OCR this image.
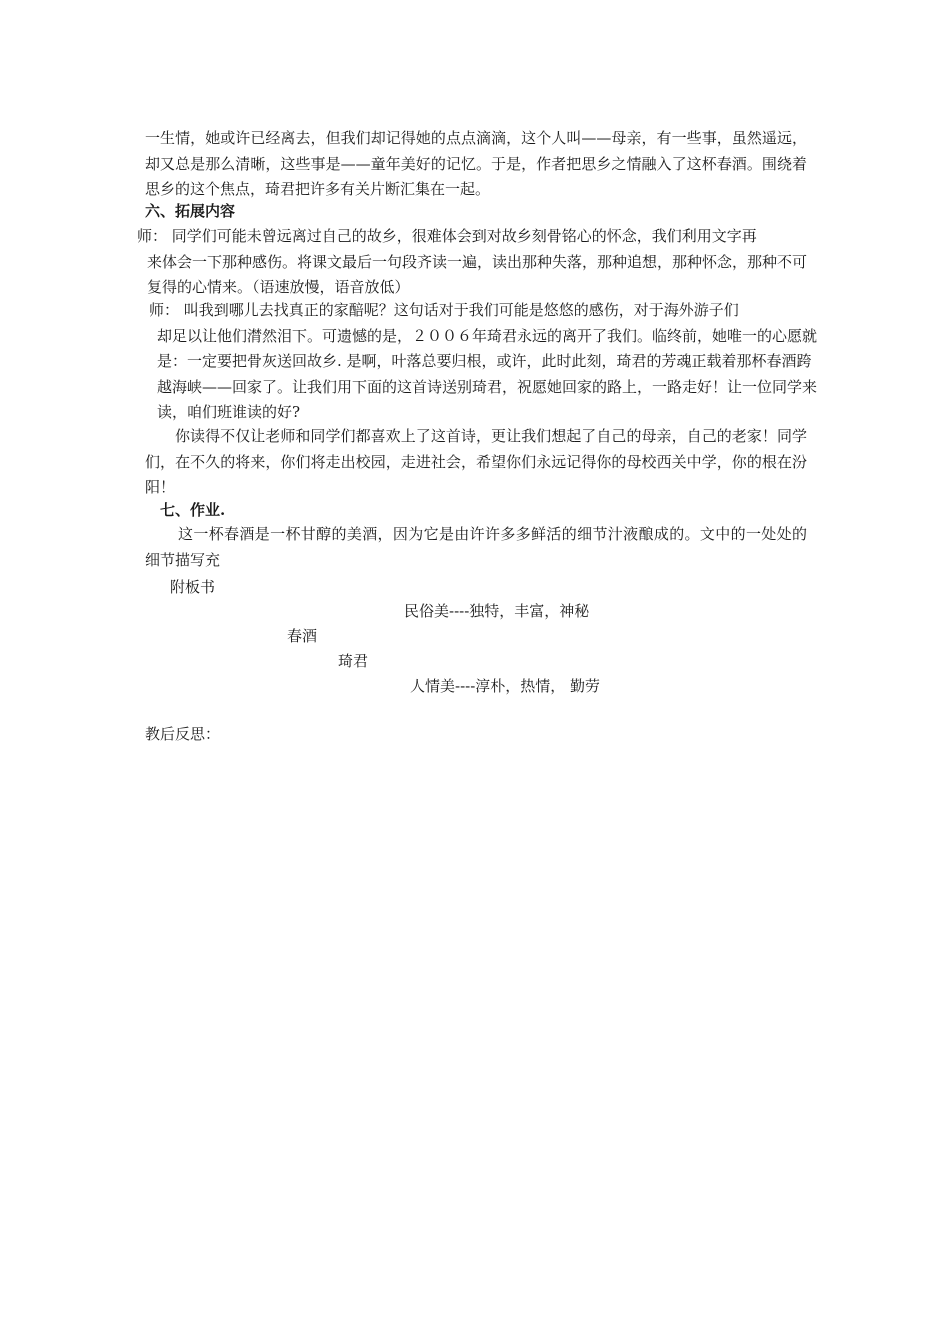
一生情，她或许已经离去，但我们却记得她的点点滴滴，这个人叫——母亲，有一些事，虽然遥远，却又总是那么清晰，这些事是——童年美好的记忆。于是，作者把思乡之情融入了这杯春酒。围绕着思乡的这个焦点，琦君把许多有关片断汇集在一起。

六、拓展内容

师： 同学们可能未曾远离过自己的故乡，很难体会到对故乡刻骨铭心的怀念，我们利用文字再
来体会一下那种感伤。将课文最后一句段齐读一遍，读出那种失落，那种追想，那种怀念，那种不可复得的心情来。（语速放慢，语音放低）
师： 叫我到哪儿去找真正的家醅呢？这句话对于我们可能是悠悠的感伤，对于海外游子们
却足以让他们潸然泪下。可遗憾的是，２００６年琦君永远的离开了我们。临终前，她唯一的心愿就是：一定要把骨灰送回故乡. 是啊，叶落总要归根，或许，此时此刻，琦君的芳魂正载着那杯春酒跨越海峡——回家了。让我们用下面的这首诗送别琦君，祝愿她回家的路上，一路走好！让一位同学来读，咱们班谁读的好?

你读得不仅让老师和同学们都喜欢上了这首诗，更让我们想起了自己的母亲，自己的老家！同学们，在不久的将来，你们将走出校园，走进社会，希望你们永远记得你的母校西关中学，你的根在汾阳！

七、作业.

这一杯春酒是一杯甘醇的美酒，因为它是由许许多多鲜活的细节汁液酿成的。文中的一处处的细节描写充

附板书

民俗美----独特，丰富，神秘

春酒

琦君

人情美----淳朴，热情， 勤劳

教后反思：
